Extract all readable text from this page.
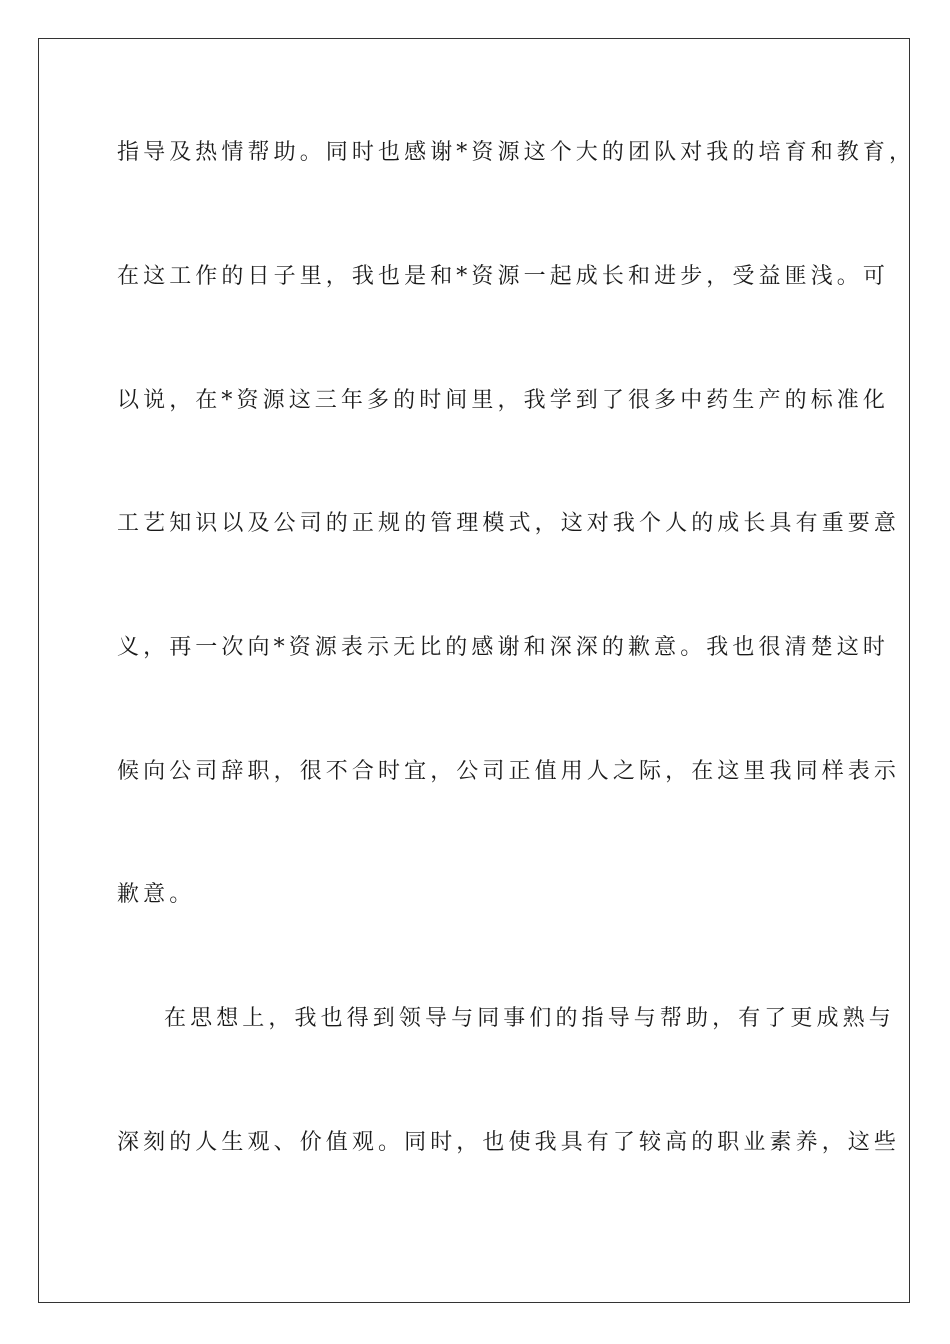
指导及热情帮助。同时也感谢*资源这个大的团队对我的培育和教育，
在这工作的日子里，我也是和*资源一起成长和进步，受益匪浅。可
以说，在*资源这三年多的时间里，我学到了很多中药生产的标准化
工艺知识以及公司的正规的管理模式，这对我个人的成长具有重要意
义，再一次向*资源表示无比的感谢和深深的歉意。我也很清楚这时
候向公司辞职，很不合时宜，公司正值用人之际，在这里我同样表示
歉意。
在思想上，我也得到领导与同事们的指导与帮助，有了更成熟与
深刻的人生观、价值观。同时，也使我具有了较高的职业素养，这些
